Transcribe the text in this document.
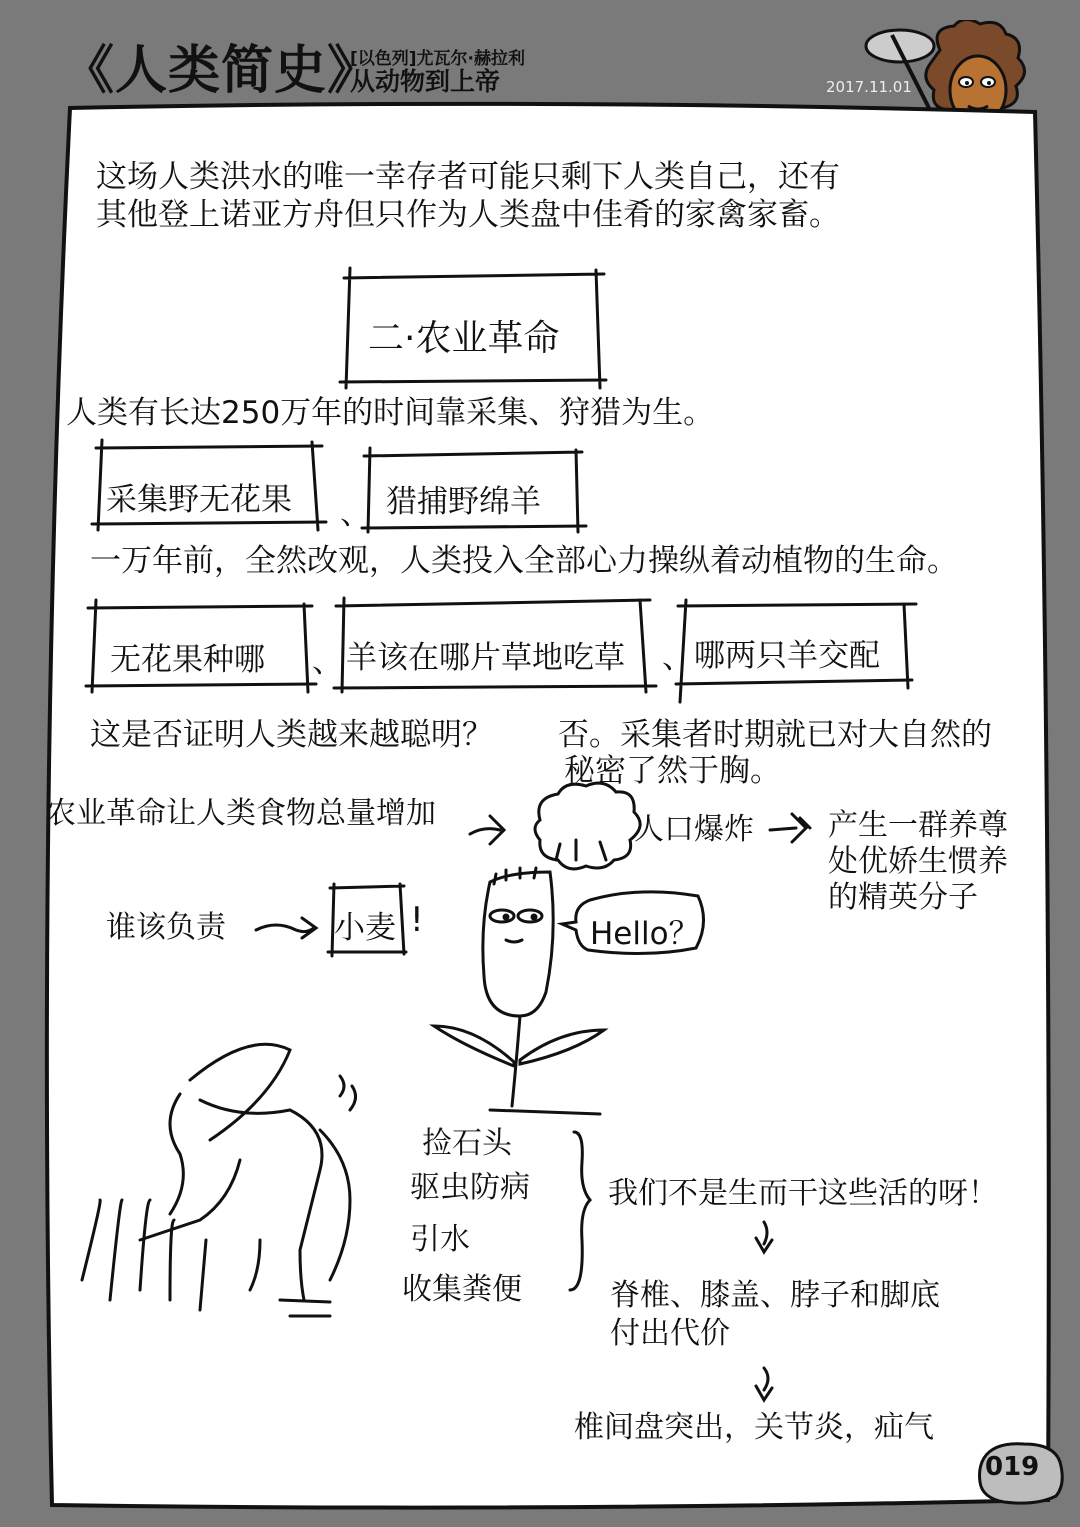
《人类简史》
[以色列]尤瓦尔·赫拉利
从动物到上帝	2017.11.01
这场人类洪水的唯一幸存者可能只剩下人类自己，还有
其他登上诺亚方舟但只作为人类盘中佳肴的家禽家畜。
二·农业革命
人类有长达250万年的时间靠采集、狩猎为生。
采集野无花果 、 猎捕野绵羊
一万年前，全然改观，人类投入全部心力操纵着动植物的生命。
无花果种哪 、 羊该在哪片草地吃草 、 哪两只羊交配
这是否证明人类越来越聪明？ 否。采集者时期就已对大自然的
秘密了然于胸。
农业革命让人类食物总量增加	人口爆炸 产生一群养尊
处优娇生惯养
的精英分子
谁该负责	小麦 !	Hello？
捡石头
驱虫防病
引水
收集粪便
我们不是生而干这些活的呀！
脊椎、膝盖、脖子和脚底
付出代价
椎间盘突出，关节炎，疝气
019
